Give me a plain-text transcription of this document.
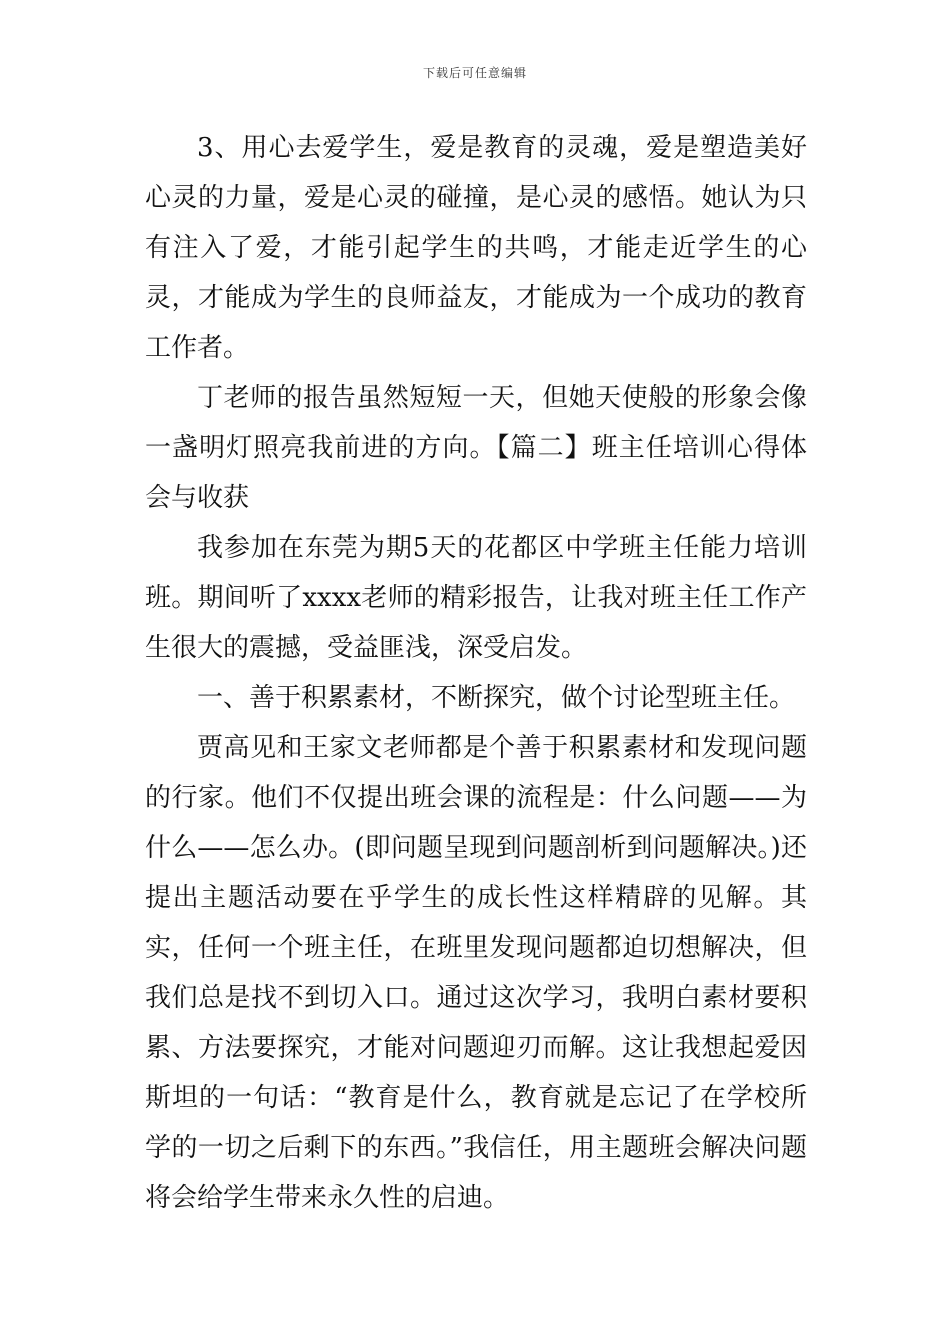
下载后可任意编辑

3、用心去爱学生，爱是教育的灵魂，爱是塑造美好心灵的力量，爱是心灵的碰撞，是心灵的感悟。她认为只有注入了爱，才能引起学生的共鸣，才能走近学生的心灵，才能成为学生的良师益友，才能成为一个成功的教育工作者。

丁老师的报告虽然短短一天，但她天使般的形象会像一盏明灯照亮我前进的方向。【篇二】班主任培训心得体会与收获

我参加在东莞为期5天的花都区中学班主任能力培训班。期间听了xxxx老师的精彩报告，让我对班主任工作产生很大的震撼，受益匪浅，深受启发。

一、善于积累素材，不断探究，做个讨论型班主任。

贾高见和王家文老师都是个善于积累素材和发现问题的行家。他们不仅提出班会课的流程是：什么问题——为什么——怎么办。(即问题呈现到问题剖析到问题解决。)还提出主题活动要在乎学生的成长性这样精辟的见解。其实，任何一个班主任，在班里发现问题都迫切想解决，但我们总是找不到切入口。通过这次学习，我明白素材要积累、方法要探究，才能对问题迎刃而解。这让我想起爱因斯坦的一句话：“教育是什么，教育就是忘记了在学校所学的一切之后剩下的东西。”我信任，用主题班会解决问题将会给学生带来永久性的启迪。
